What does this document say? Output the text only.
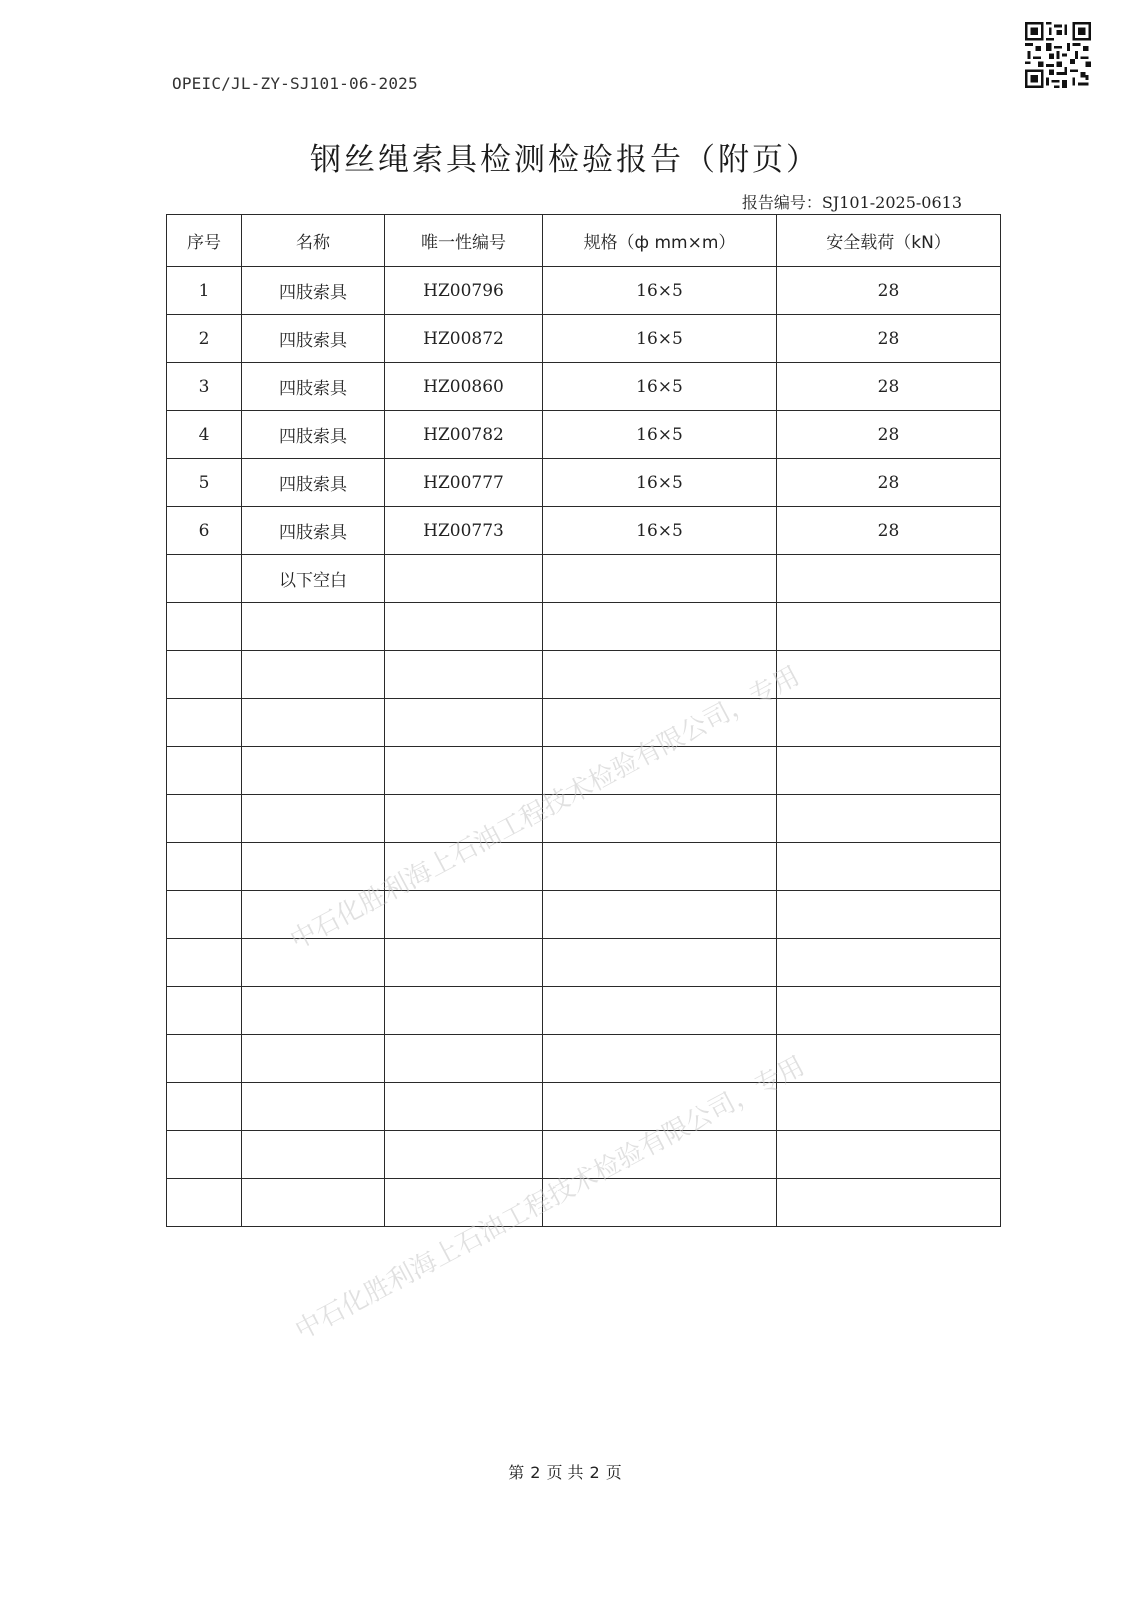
OPEIC/JL-ZY-SJ101-06-2025
钢丝绳索具检测检验报告（附页）
报告编号：SJ101-2025-0613
序号	名称	唯一性编号	规格（ф mm×m）	安全载荷（kN）
1	四肢索具	HZ00796	16×5	28
2	四肢索具	HZ00872	16×5	28
3	四肢索具	HZ00860	16×5	28
4	四肢索具	HZ00782	16×5	28
5	四肢索具	HZ00777	16×5	28
6	四肢索具	HZ00773	16×5	28
	以下空白			

中石化胜利海上石油工程技术检验有限公司，专用
中石化胜利海上石油工程技术检验有限公司，专用
第 2 页 共 2 页
